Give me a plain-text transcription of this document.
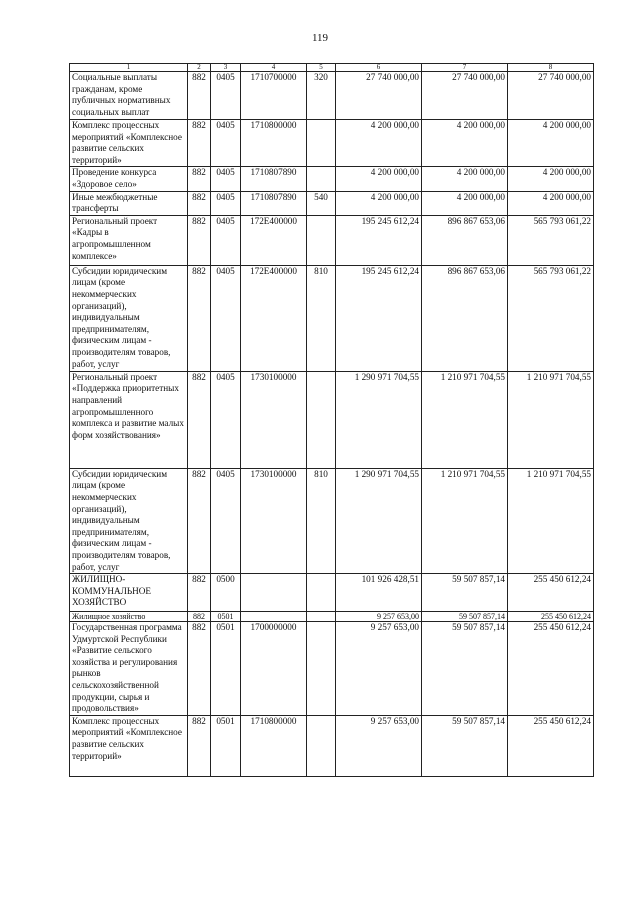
119
1	2	3	4	5	6	7	8
Социальные выплаты гражданам, кроме публичных нормативных социальных выплат	882	0405	1710700000	320	27 740 000,00	27 740 000,00	27 740 000,00
Комплекс процессных мероприятий «Комплексное развитие сельских территорий»	882	0405	1710800000		4 200 000,00	4 200 000,00	4 200 000,00
Проведение конкурса «Здоровое село»	882	0405	1710807890		4 200 000,00	4 200 000,00	4 200 000,00
Иные межбюджетные трансферты	882	0405	1710807890	540	4 200 000,00	4 200 000,00	4 200 000,00
Региональный проект «Кадры в агропромышленном комплексе»	882	0405	172E400000		195 245 612,24	896 867 653,06	565 793 061,22
Субсидии юридическим лицам (кроме некоммерческих организаций), индивидуальным предпринимателям, физическим лицам - производителям товаров, работ, услуг	882	0405	172E400000	810	195 245 612,24	896 867 653,06	565 793 061,22
Региональный проект «Поддержка приоритетных направлений агропромышленного комплекса и развитие малых форм хозяйствования»	882	0405	1730100000		1 290 971 704,55	1 210 971 704,55	1 210 971 704,55
Субсидии юридическим лицам (кроме некоммерческих организаций), индивидуальным предпринимателям, физическим лицам - производителям товаров, работ, услуг	882	0405	1730100000	810	1 290 971 704,55	1 210 971 704,55	1 210 971 704,55
ЖИЛИЩНО-КОММУНАЛЬНОЕ ХОЗЯЙСТВО	882	0500			101 926 428,51	59 507 857,14	255 450 612,24
Жилищное хозяйство	882	0501			9 257 653,00	59 507 857,14	255 450 612,24
Государственная программа Удмуртской Республики «Развитие сельского хозяйства и регулирования рынков сельскохозяйственной продукции, сырья и продовольствия»	882	0501	1700000000		9 257 653,00	59 507 857,14	255 450 612,24
Комплекс процессных мероприятий «Комплексное развитие сельских территорий»	882	0501	1710800000		9 257 653,00	59 507 857,14	255 450 612,24
